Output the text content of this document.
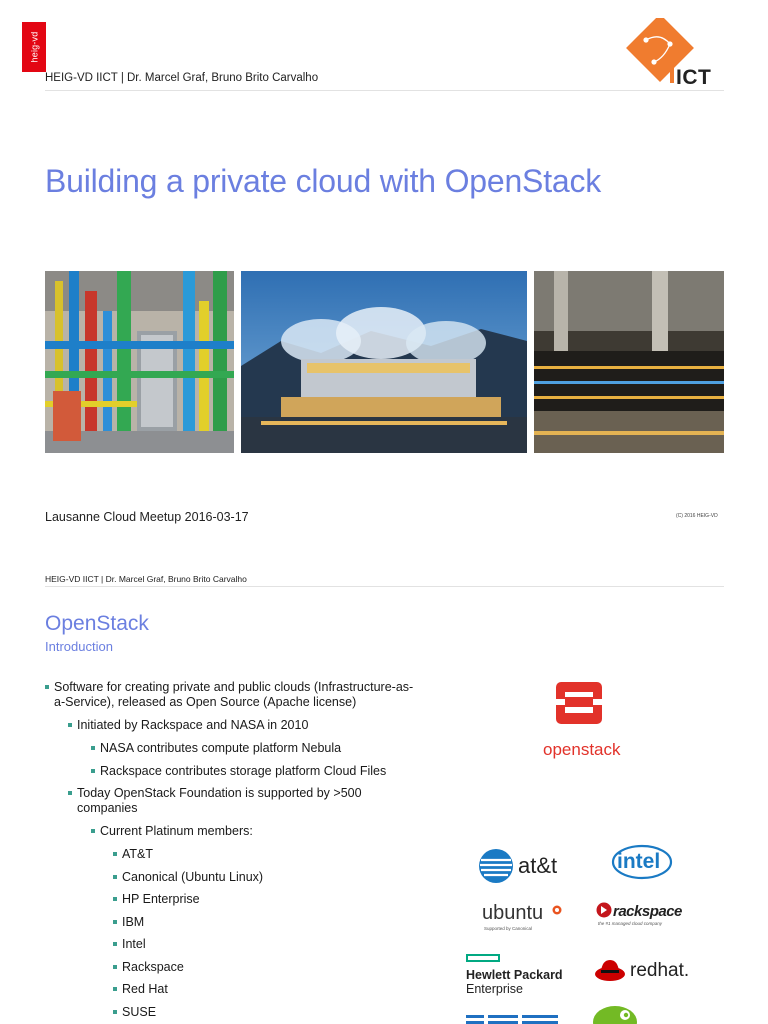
heig-vd
HEIG-VD IICT | Dr. Marcel Graf, Bruno Brito Carvalho	ICT
Building a private cloud with OpenStack
Lausanne Cloud Meetup 2016-03-17	(C) 2016 HEIG-VD
HEIG-VD IICT | Dr. Marcel Graf, Bruno Brito Carvalho
OpenStack
Introduction
Software for creating private and public clouds (Infrastructure-as-
a-Service), released as Open Source (Apache license)
Initiated by Rackspace and NASA in 2010
NASA contributes compute platform Nebula
Rackspace contributes storage platform Cloud Files
Today OpenStack Foundation is supported by >500
companies
Current Platinum members:
AT&T
Canonical (Ubuntu Linux)
HP Enterprise
IBM
Intel
Rackspace
Red Hat
SUSE
openstack
at&t	intel
ubuntu
Supported by Canonical
rackspace
the #1 managed cloud company
Hewlett Packard
Enterprise
redhat.
